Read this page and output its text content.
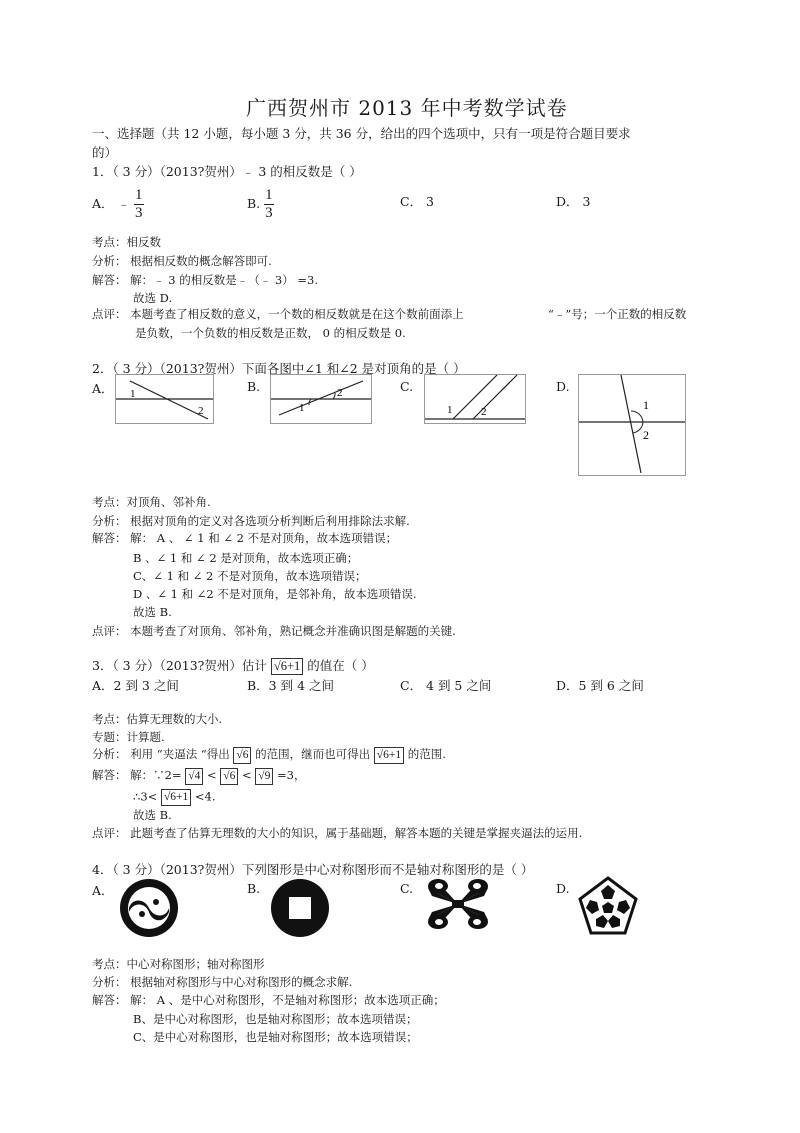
广西贺州市 2013 年中考数学试卷
一、选择题（共 12 小题，每小题 3 分，共 36 分，给出的四个选项中，只有一项是符合题目要求
的）
1．（ 3 分）（2013?贺州）﹣ 3 的相反数是（ ）
A． ﹣ $\frac{1}{3}$	B. $\frac{1}{3}$	C． 3	D． 3
考点：相反数
分析： 根据相反数的概念解答即可.
解答： 解：﹣ 3 的相反数是﹣（﹣ 3） =3.
故选 D.
点评： 本题考查了相反数的意义，一个数的相反数就是在这个数前面添上	“﹣”号；一个正数的相反数
是负数，一个负数的相反数是正数， 0 的相反数是 0.
2．（ 3 分）（2013?贺州）下面各图中∠1 和∠2 是对顶角的是（ ）
A．	B.	C.	D.
1
2	1
2
1	2	1
2
考点：对顶角、邻补角.
分析： 根据对顶角的定义对各选项分析判断后利用排除法求解.
解答： 解： A 、 ∠ 1 和 ∠ 2 不是对顶角，故本选项错误；
B 、∠ 1 和 ∠ 2 是对顶角，故本选项正确；
C、∠ 1 和 ∠ 2 不是对顶角，故本选项错误；
D 、∠ 1 和 ∠2 不是对顶角，是邻补角，故本选项错误.
故选 B.
点评： 本题考查了对顶角、邻补角，熟记概念并准确识图是解题的关键.
3．（ 3 分）（2013?贺州）估计 √6+1 的值在（ ）
A．2 到 3 之间	B．3 到 4 之间	C． 4 到 5 之间	D．5 到 6 之间
考点：估算无理数的大小.
专题：计算题.
分析： 利用 “夹逼法 “得出 √6 的范围，继而也可得出 √6+1 的范围.
解答： 解：∵2= √4 < √6 < √9 =3，
∴3< √6+1 <4.
故选 B.
点评： 此题考查了估算无理数的大小的知识，属于基础题，解答本题的关键是掌握夹逼法的运用.
4．（ 3 分）（2013?贺州）下列图形是中心对称图形而不是轴对称图形的是（ ）
A．	B.	C.	D.
考点：中心对称图形；轴对称图形
分析： 根据轴对称图形与中心对称图形的概念求解.
解答： 解： A 、是中心对称图形，不是轴对称图形；故本选项正确；
B、是中心对称图形，也是轴对称图形；故本选项错误；
C、是中心对称图形，也是轴对称图形；故本选项错误；
